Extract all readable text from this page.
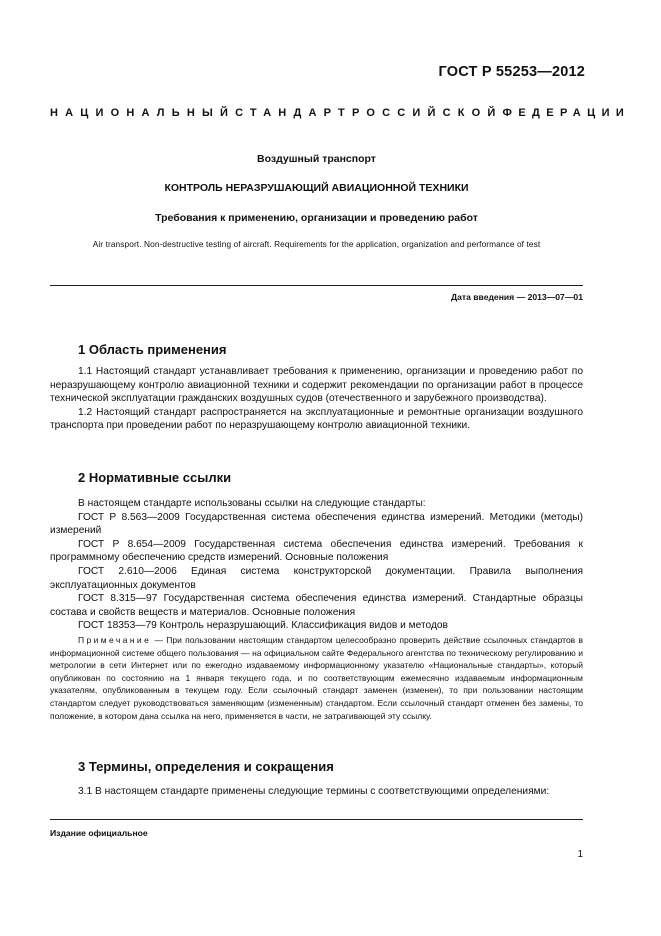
ГОСТ Р 55253—2012
НАЦИОНАЛЬНЫЙ СТАНДАРТ РОССИЙСКОЙ ФЕДЕРАЦИИ
Воздушный транспорт
КОНТРОЛЬ НЕРАЗРУШАЮЩИЙ АВИАЦИОННОЙ ТЕХНИКИ
Требования к применению, организации и проведению работ
Air transport. Non-destructive testing of aircraft. Requirements for the application, organization and performance of test
Дата введения — 2013—07—01
1 Область применения

1.1 Настоящий стандарт устанавливает требования к применению, организации и проведению работ по неразрушающему контролю авиационной техники и содержит рекомендации по организации работ в процессе технической эксплуатации гражданских воздушных судов (отечественного и зарубежного производства).

1.2 Настоящий стандарт распространяется на эксплуатационные и ремонтные организации воздушного транспорта при проведении работ по неразрушающему контролю авиационной техники.

2 Нормативные ссылки

В настоящем стандарте использованы ссылки на следующие стандарты:

ГОСТ Р 8.563—2009 Государственная система обеспечения единства измерений. Методики (методы) измерений

ГОСТ Р 8.654—2009 Государственная система обеспечения единства измерений. Требования к программному обеспечению средств измерений. Основные положения

ГОСТ 2.610—2006 Единая система конструкторской документации. Правила выполнения эксплуатационных документов

ГОСТ 8.315—97 Государственная система обеспечения единства измерений. Стандартные образцы состава и свойств веществ и материалов. Основные положения

ГОСТ 18353—79 Контроль неразрушающий. Классификация видов и методов

Примечание — При пользовании настоящим стандартом целесообразно проверить действие ссылочных стандартов в информационной системе общего пользования — на официальном сайте Федерального агентства по техническому регулированию и метрологии в сети Интернет или по ежегодно издаваемому информационному указателю «Национальные стандарты», который опубликован по состоянию на 1 января текущего года, и по соответствующим ежемесячно издаваемым информационным указателям, опубликованным в текущем году. Если ссылочный стандарт заменен (изменен), то при пользовании настоящим стандартом следует руководствоваться заменяющим (измененным) стандартом. Если ссылочный стандарт отменен без замены, то положение, в котором дана ссылка на него, применяется в части, не затрагивающей эту ссылку.

3 Термины, определения и сокращения

3.1 В настоящем стандарте применены следующие термины с соответствующими определениями:

Издание официальное
1
